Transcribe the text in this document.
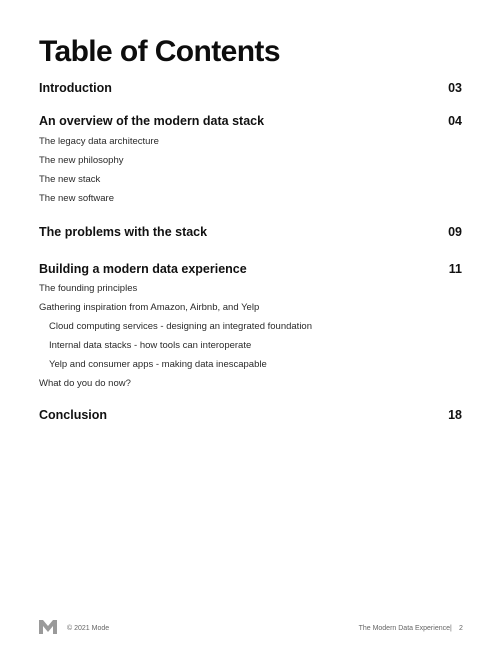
Table of Contents
Introduction	03
An overview of the modern data stack	04
The legacy data architecture
The new philosophy
The new stack
The new software
The problems with the stack	09
Building a modern data experience	11
The founding principles
Gathering inspiration from Amazon, Airbnb, and Yelp
Cloud computing services - designing an integrated foundation
Internal data stacks - how tools can interoperate
Yelp and consumer apps - making data inescapable
What do you do now?
Conclusion	18
© 2021 Mode	The Modern Data Experience | 2
